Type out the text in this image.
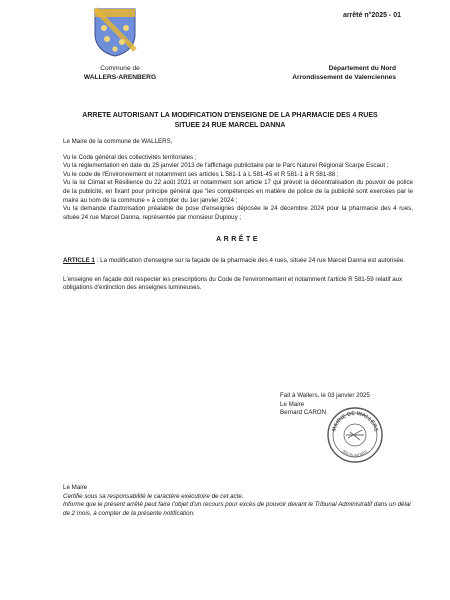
arrêté n°2025 - 01
Commune de
WALLERS-ARENBERG
Département du Nord
Arrondissement de Valenciennes
ARRETE AUTORISANT LA MODIFICATION D'ENSEIGNE DE LA PHARMACIE DES 4 RUES
SITUEE 24 RUE MARCEL DANNA

Le Maire de la commune de WALLERS,

Vu le Code général des collectivités territoriales ;

Vu la réglementation en date du 25 janvier 2013 de l'affichage publicitaire par le Parc Naturel Régional Scarpe Escaut ;

Vu le code de l'Environnement et notamment ses articles L 581-1 à L 581-45 et R 581-1 à R 581-88 ;

Vu la loi Climat et Résilience du 22 août 2021 et notamment son article 17 qui prévoit la décentralisation du pouvoir de police de la publicité, en fixant pour principe général que "les compétences en matière de police de la publicité sont exercées par le maire au nom de la commune » à compter du 1er janvier 2024 ;

Vu la demande d'autorisation préalable de pose d'enseignes déposée le 24 décembre 2024 pour la pharmacie des 4 rues, située 24 rue Marcel Danna, représentée par monsieur Duplouy ;

ARRÊTE

ARTICLE 1 : La modification d'enseigne sur la façade de la pharmacie des 4 rues, située 24 rue Marcel Danna est autorisée.

L'enseigne en façade doit respecter les prescriptions du Code de l'environnement et notamment l'article R 581-59 relatif aux obligations d'extinction des enseignes lumineuses.

Fait à Wallers, le 03 janvier 2025
Le Maire
Bernard CARON
MAIRIE DE WALLERS
59135 (NORD)
Le Maire
Certifie sous sa responsabilité le caractère exécutoire de cet acte.
Informe que le présent arrêté peut faire l'objet d'un recours pour excès de pouvoir devant le Tribunal Administratif dans un délai de 2 mois, à compter de la présente notification.
